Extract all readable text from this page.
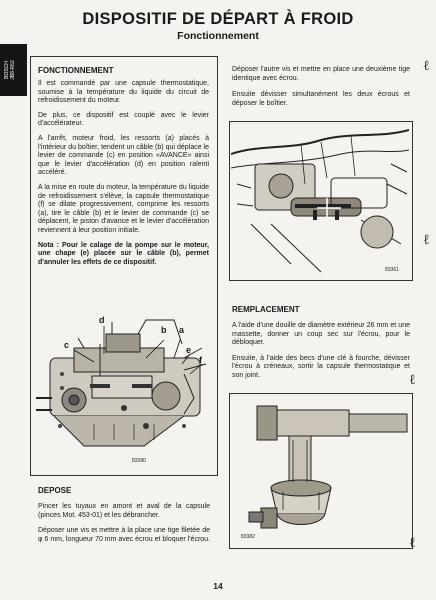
DISPOSITIF DE DÉPART À FROID
Fonctionnement
BOSCH JB8-R62	FONCTIONNEMENT

Il est commandé par une capsule thermostatique, soumise à la température du liquide du circuit de refroidissement du moteur.

De plus, ce dispositif est couplé avec le levier d'accélérateur.

A l'arrêt, moteur froid, les ressorts (a) placés à l'intérieur du boîtier, tendent un câble (b) qui déplace le levier de commande (c) en position «AVANCE» ainsi que le levier d'accélération (d) en position ralenti accéléré.

A la mise en route du moteur, la température du liquide de refroidissement s'élève, la capsule thermostatique (f) se dilate progressivement, comprime les ressorts (a), tire le câble (b) et le levier de commande (c) se déplacent, le piston d'avance et le levier d'accélération reviennent à leur position initiale.

Nota : Pour le calage de la pompe sur le moteur, une chape (e) placée sur le câble (b), permet d'annuler les effets de ce dispositif.

d
b a
c	e
f
83280
DEPOSE

Pincer les tuyaux en amont et aval de la capsule (pinces Mot. 453-01) et les débrancher.

Déposer une vis et mettre à la place une tige filetée de φ 6 mm, longueur 70 mm avec écrou et bloquer l'écrou.

Déposer l'autre vis et mettre en place une deuxième tige identique avec écrou.

Ensuite dévisser simultanément les deux écrous et déposer le boîtier.

ℓ
83361
ℓ
REMPLACEMENT

A l'aide d'une douille de diamètre extérieur 26 mm et une massette, donner un coup sec sur l'écrou, pour le débloquer.

Ensuite, à l'aide des becs d'une clé à fourche, dévisser l'écrou à créneaux, sortir la capsule thermostatique et son joint.

83382
ℓ
ℓ
14
